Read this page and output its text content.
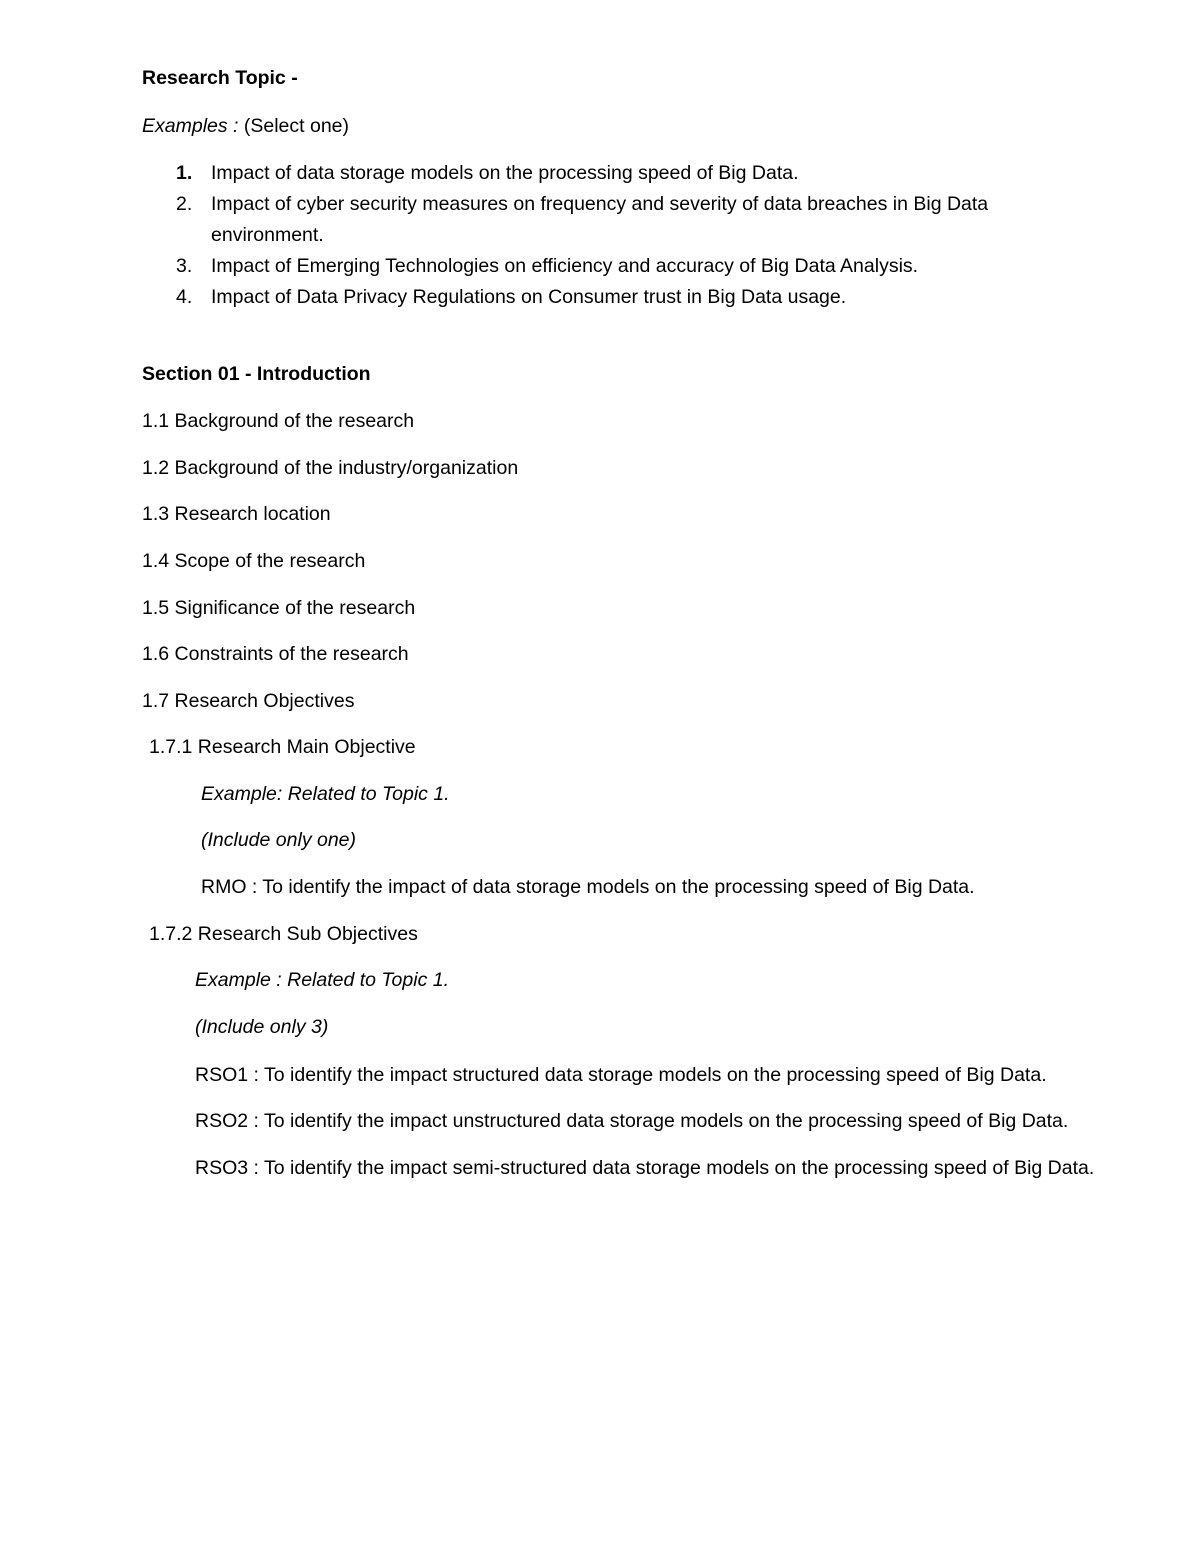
Research Topic -
Examples : (Select one)
1. Impact of data storage models on the processing speed of Big Data.
2. Impact of cyber security measures on frequency and severity of data breaches in Big Data
environment.
3. Impact of Emerging Technologies on efficiency and accuracy of Big Data Analysis.
4. Impact of Data Privacy Regulations on Consumer trust in Big Data usage.
Section 01 - Introduction
1.1 Background of the research
1.2 Background of the industry/organization
1.3 Research location
1.4 Scope of the research
1.5 Significance of the research
1.6 Constraints of the research
1.7 Research Objectives
1.7.1 Research Main Objective
Example: Related to Topic 1.
(Include only one)
RMO : To identify the impact of data storage models on the processing speed of Big Data.
1.7.2 Research Sub Objectives
Example : Related to Topic 1.
(Include only 3)
RSO1 : To identify the impact structured data storage models on the processing speed of Big Data.
RSO2 : To identify the impact unstructured data storage models on the processing speed of Big Data.
RSO3 : To identify the impact semi-structured data storage models on the processing speed of Big Data.
